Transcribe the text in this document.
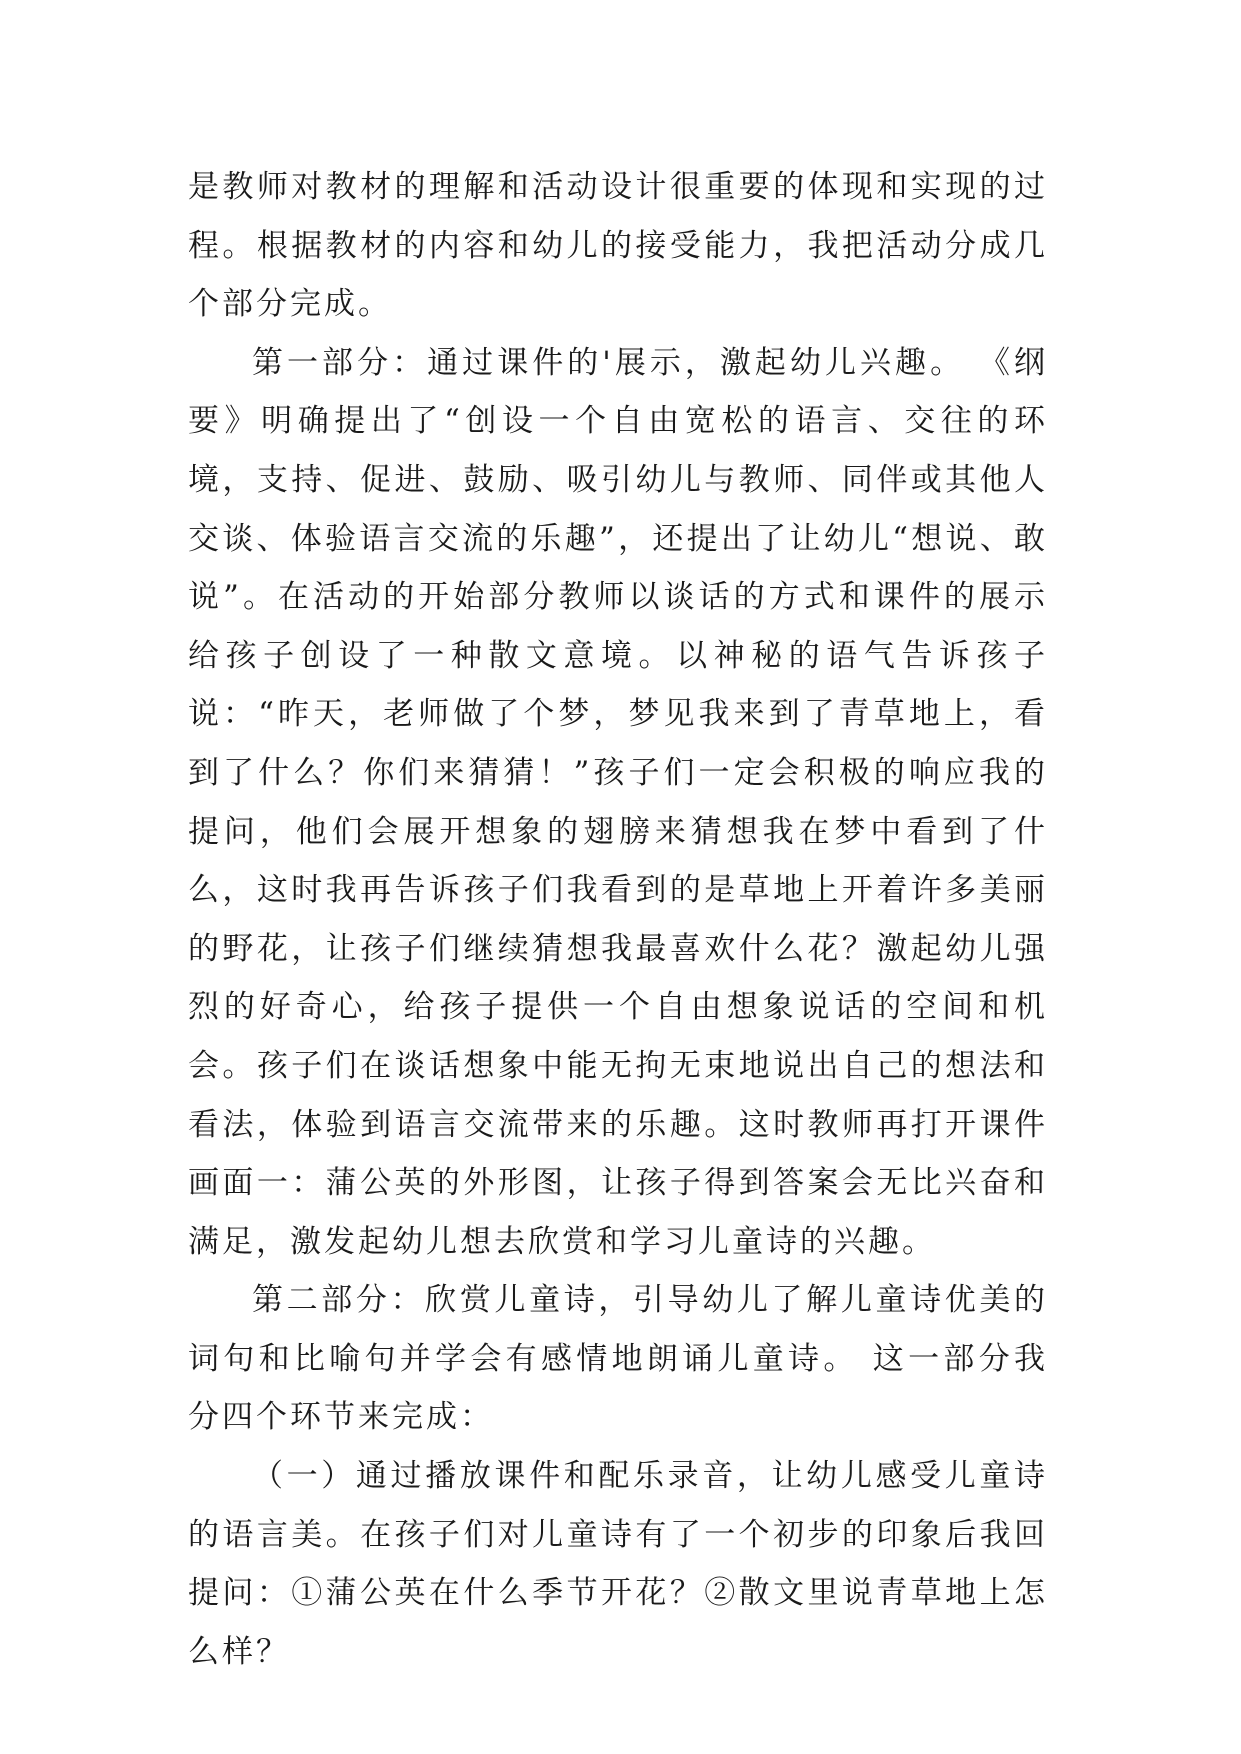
是教师对教材的理解和活动设计很重要的体现和实现的过程。根据教材的内容和幼儿的接受能力，我把活动分成几个部分完成。

第一部分：通过课件的'展示，激起幼儿兴趣。 《纲要》明确提出了“创设一个自由宽松的语言、交往的环境，支持、促进、鼓励、吸引幼儿与教师、同伴或其他人交谈、体验语言交流的乐趣”，还提出了让幼儿“想说、敢说”。在活动的开始部分教师以谈话的方式和课件的展示给孩子创设了一种散文意境。以神秘的语气告诉孩子说：“昨天，老师做了个梦，梦见我来到了青草地上，看到了什么？你们来猜猜！”孩子们一定会积极的响应我的提问，他们会展开想象的翅膀来猜想我在梦中看到了什么，这时我再告诉孩子们我看到的是草地上开着许多美丽的野花，让孩子们继续猜想我最喜欢什么花？激起幼儿强烈的好奇心，给孩子提供一个自由想象说话的空间和机会。孩子们在谈话想象中能无拘无束地说出自己的想法和看法，体验到语言交流带来的乐趣。这时教师再打开课件画面一：蒲公英的外形图，让孩子得到答案会无比兴奋和满足，激发起幼儿想去欣赏和学习儿童诗的兴趣。

第二部分：欣赏儿童诗，引导幼儿了解儿童诗优美的词句和比喻句并学会有感情地朗诵儿童诗。 这一部分我分四个环节来完成：

（一）通过播放课件和配乐录音，让幼儿感受儿童诗的语言美。在孩子们对儿童诗有了一个初步的印象后我回提问：①蒲公英在什么季节开花？②散文里说青草地上怎么样？
